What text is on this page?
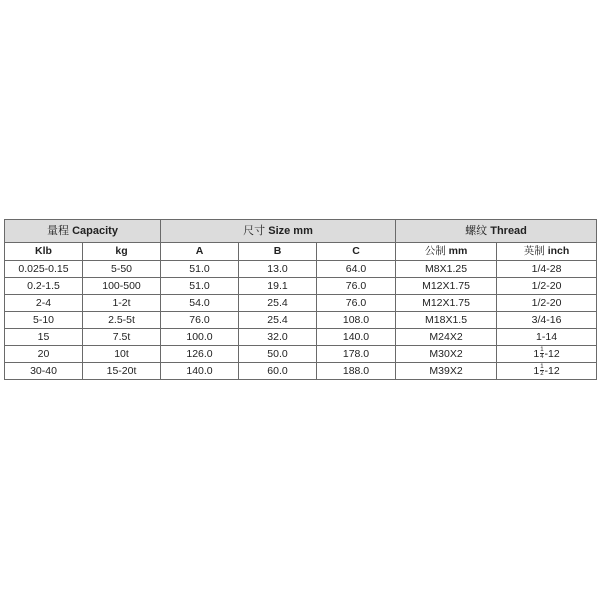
量程 Capacity		尺寸 Size mm			螺纹 Thread	
Klb	kg	A	B	C	公制 mm	英制 inch
0.025-0.15	5-50	51.0	13.0	64.0	M8X1.25	1/4-28
0.2-1.5	100-500	51.0	19.1	76.0	M12X1.75	1/2-20
2-4	1-2t	54.0	25.4	76.0	M12X1.75	1/2-20
5-10	2.5-5t	76.0	25.4	108.0	M18X1.5	3/4-16
15	7.5t	100.0	32.0	140.0	M24X2	1-14
20	10t	126.0	50.0	178.0	M30X2	$1 \frac{1}{4} -12$
30-40	15-20t	140.0	60.0	188.0	M39X2	$1 \frac{1}{2} -12$
